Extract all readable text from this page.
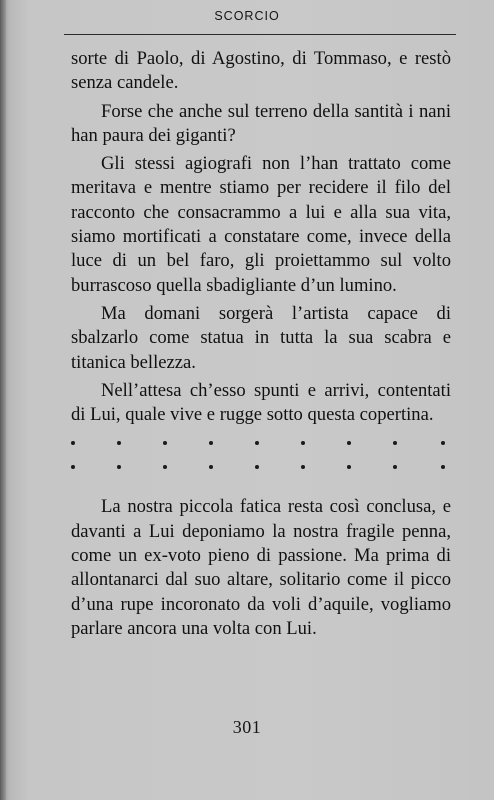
SCORCIO

sorte di Paolo, di Agostino, di Tommaso, e restò senza candele.

Forse che anche sul terreno della santità i nani han paura dei giganti?

Gli stessi agiografi non l’han trattato come meritava e mentre stiamo per recidere il filo del racconto che consacrammo a lui e alla sua vita, siamo mortificati a constatare come, invece della luce di un bel faro, gli proiettammo sul volto burrascoso quella sbadigliante d’un lumino.

Ma domani sorgerà l’artista capace di sbalzarlo come statua in tutta la sua scabra e titanica bellezza.

Nell’attesa ch’esso spunti e arrivi, contentati di Lui, quale vive e rugge sotto questa copertina.

La nostra piccola fatica resta così conclusa, e davanti a Lui deponiamo la nostra fragile penna, come un ex-voto pieno di passione. Ma prima di allontanarci dal suo altare, solitario come il picco d’una rupe incoronato da voli d’aquile, vogliamo parlare ancora una volta con Lui.

301
